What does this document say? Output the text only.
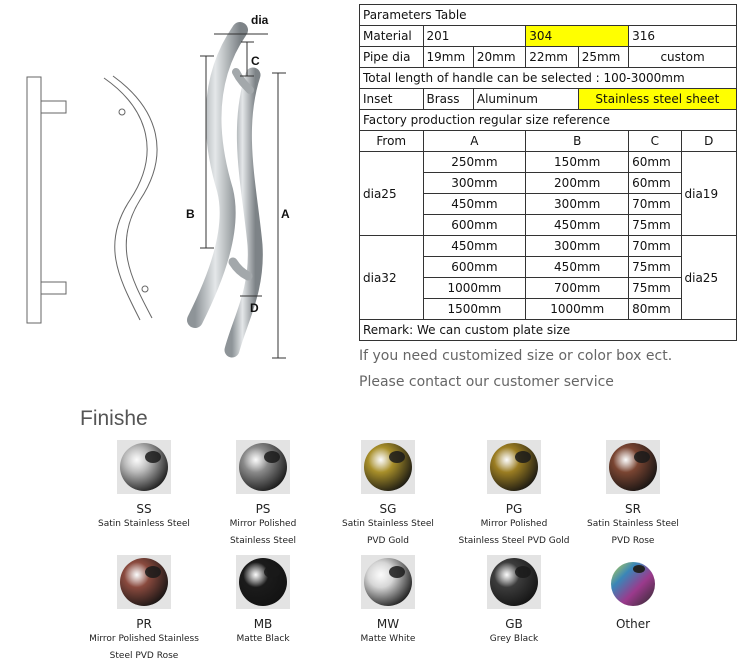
dia
C
B	A
D
Parameters Table						
Material	201		304		316	
Pipe dia	19mm	20mm	22mm	25mm	custom	
Total length of handle can be selected : 100-3000mm						
Inset	Brass	Aluminum		Stainless steel sheet		
Factory production regular size reference						
From	A		B		C	D
dia25	250mm		150mm		60mm	dia19
	300mm		200mm		60mm	
	450mm		300mm		70mm	
	600mm		450mm		75mm	
dia32	450mm		300mm		70mm	dia25
	600mm		450mm		75mm	
	1000mm		700mm		75mm	
	1500mm		1000mm		80mm	
Remark: We can custom plate size						
If you need customized size or color box ect.
Please contact our customer service
Finishe
SS
Satin Stainless Steel
PS
Mirror Polished
Stainless Steel
SG
Satin Stainless Steel
PVD Gold
PG
Mirror Polished
Stainless Steel PVD Gold
SR
Satin Stainless Steel
PVD Rose
PR
Mirror Polished Stainless
Steel PVD Rose
MB
Matte Black
MW
Matte White
GB
Grey Black
Other
